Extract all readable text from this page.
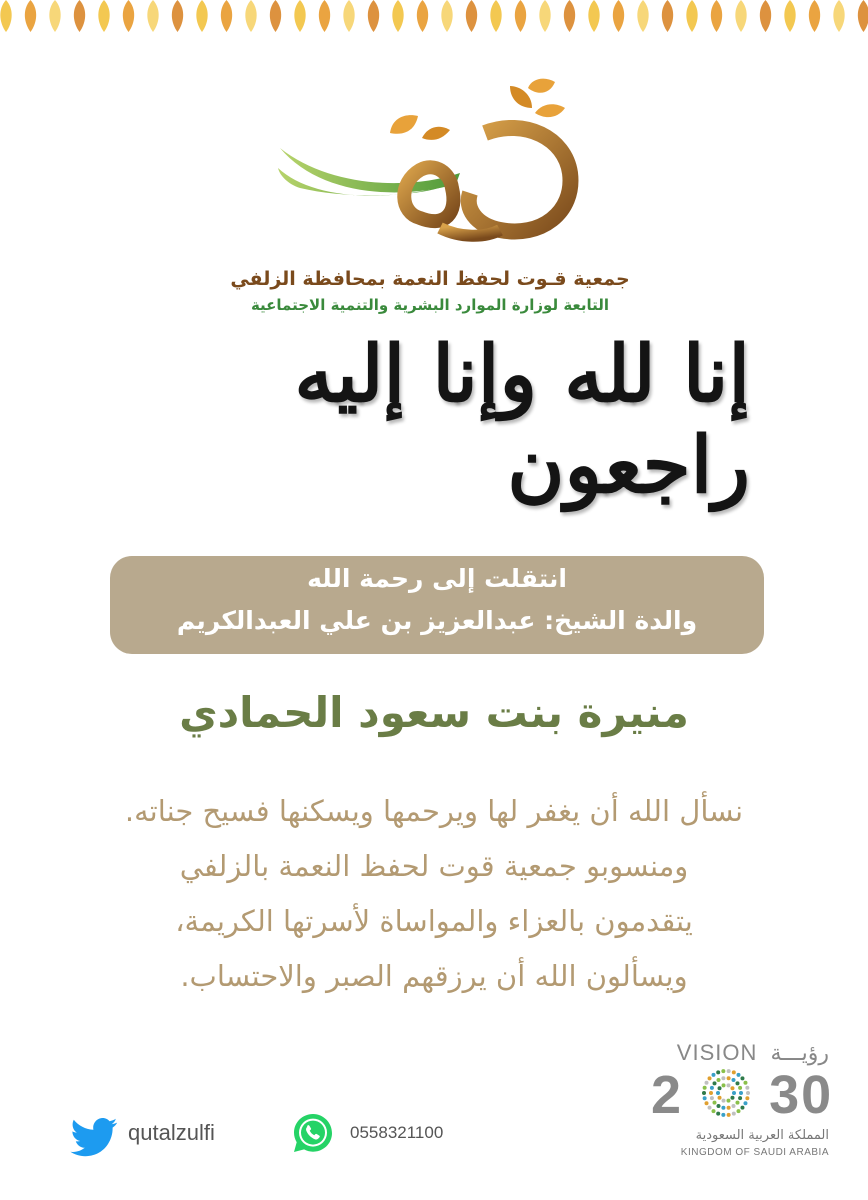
جمعية قـوت لحفظ النعمة بمحافظة الزلفي
التابعة لوزارة الموارد البشرية والتنمية الاجتماعية
إنا لله وإنا إليه راجعون
انتقلت إلى رحمة الله
والدة الشيخ: عبدالعزيز بن علي العبدالكريم
منيرة بنت سعود الحمادي
نسأل الله أن يغفر لها ويرحمها ويسكنها فسيح جناته.
ومنسوبو جمعية قوت لحفظ النعمة بالزلفي
يتقدمون بالعزاء والمواساة لأسرتها الكريمة،
ويسألون الله أن يرزقهم الصبر والاحتساب.
qutalzulfi	0558321100
VISION رؤيـــة
2 30
المملكة العربية السعودية
KINGDOM OF SAUDI ARABIA
